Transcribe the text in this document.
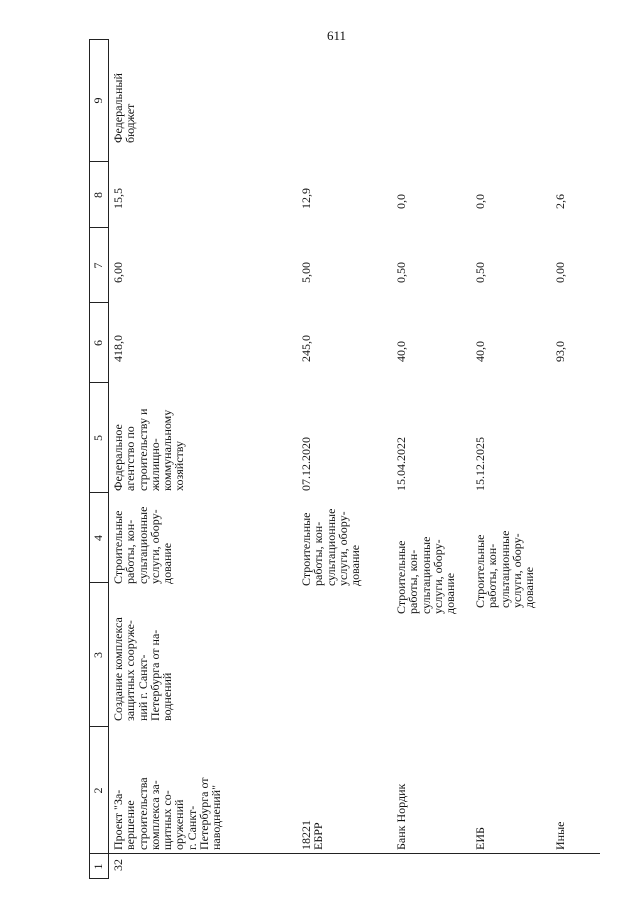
611
1
2
3
4
5
6
7
8
9
32
Проект "За-
вершение
строительства
комплекса за-
щитных со-
оружений
г. Санкт-
Петербурга от
наводнений"
Создание комплекса
защитных сооруже-
ний г. Санкт-
Петербурга от на-
воднений
Строительные
работы, кон-
сультационные
услуги, обору-
дование
Федеральное
агентство по
строительству и
жилищно-
коммунальному
хозяйству
418,0
6,00
15,5
Федеральный
бюджет
18221
ЕБРР
Строительные
работы, кон-
сультационные
услуги, обору-
дование
07.12.2020
245,0
5,00
12,9
Банк Нордик
Строительные
работы, кон-
сультационные
услуги, обору-
дование
15.04.2022
40,0
0,50
0,0
ЕИБ
Строительные
работы, кон-
сультационные
услуги, обору-
дование
15.12.2025
40,0
0,50
0,0
Иные
93,0
0,00
2,6
